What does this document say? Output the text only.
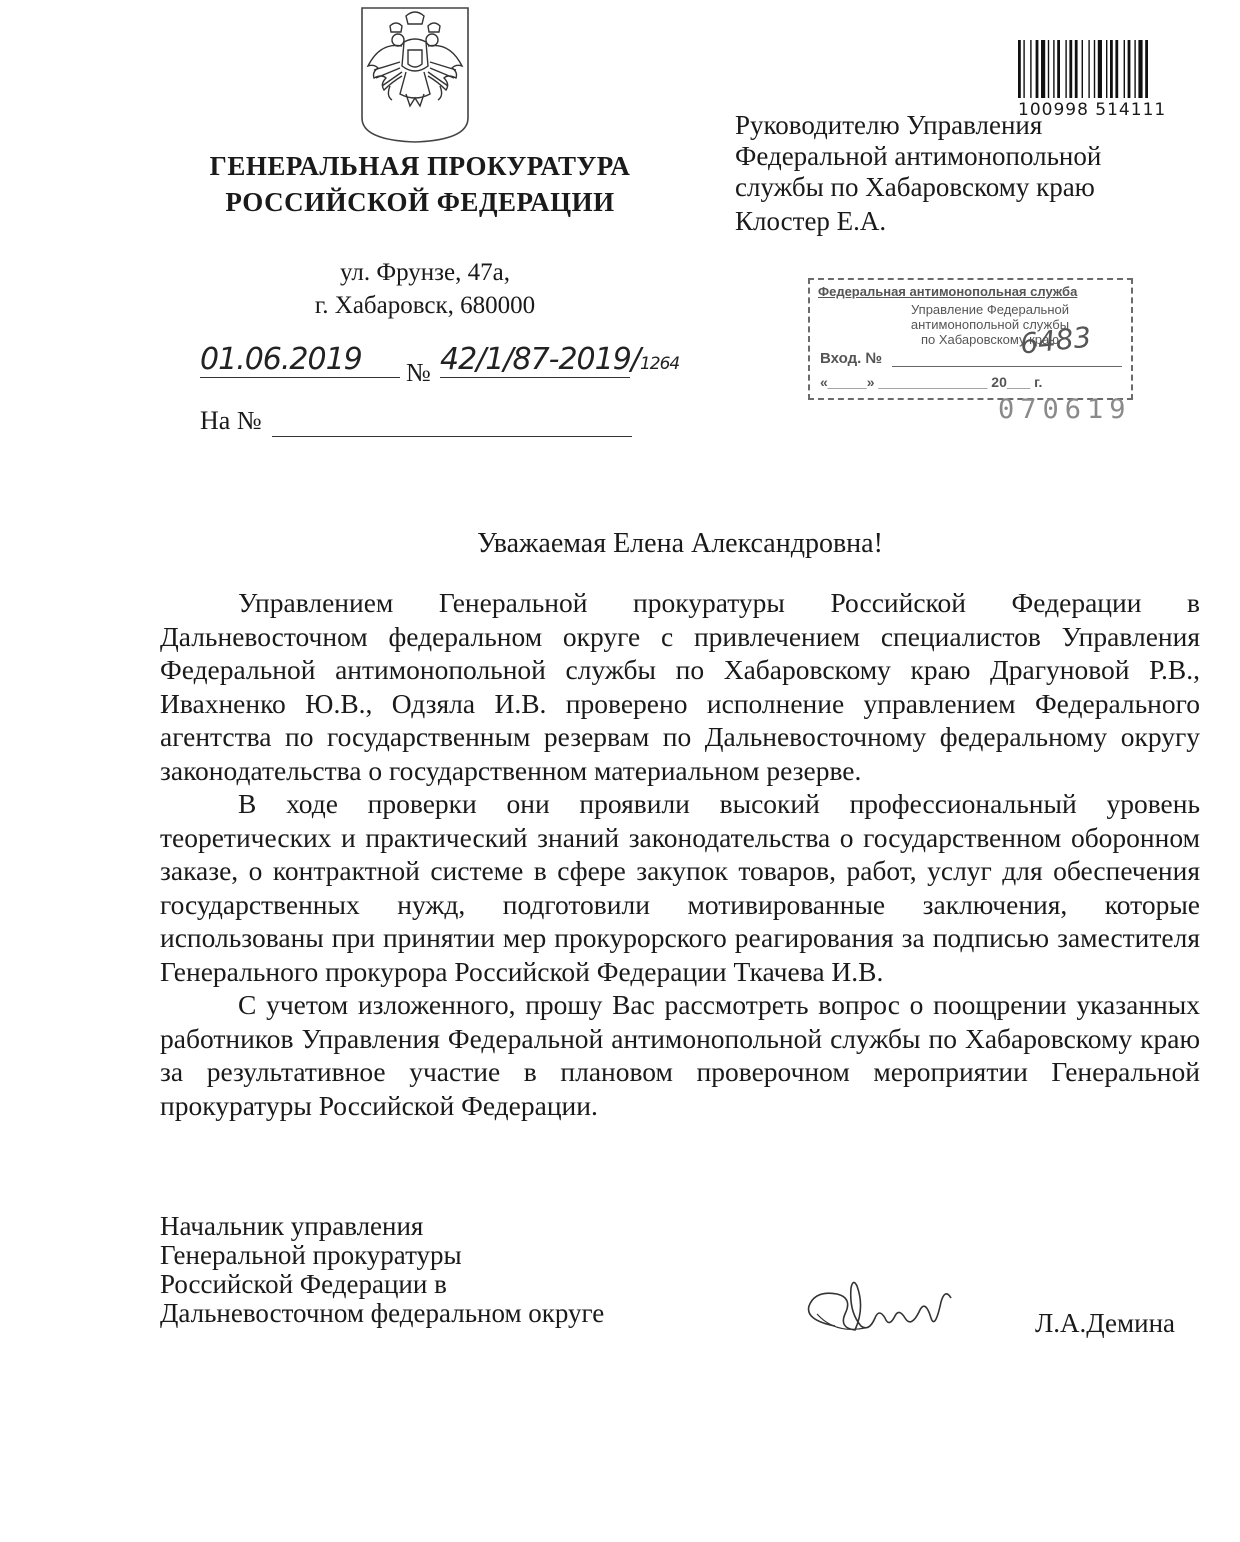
ГЕНЕРАЛЬНАЯ ПРОКУРАТУРА
РОССИЙСКОЙ ФЕДЕРАЦИИ
ул. Фрунзе, 47а,
г. Хабаровск, 680000
01.06.2019	№ 42/1/87-2019/1264
На №
100998 514111
Руководителю Управления
Федеральной антимонопольной
службы по Хабаровскому краю
Клостер Е.А.
Федеральная антимонопольная служба
Управление Федеральной
антимонопольной службы
по Хабаровскому краю
Вход. №	6483
«_____» ______________ 20___ г.
070619
Уважаемая Елена Александровна!

Управлением Генеральной прокуратуры Российской Федерации в Дальневосточном федеральном округе с привлечением специалистов Управления Федеральной антимонопольной службы по Хабаровскому краю Драгуновой Р.В., Ивахненко Ю.В., Одзяла И.В. проверено исполнение управлением Федерального агентства по государственным резервам по Дальневосточному федеральному округу законодательства о государственном материальном резерве.

В ходе проверки они проявили высокий профессиональный уровень теоретических и практический знаний законодательства о государственном оборонном заказе, о контрактной системе в сфере закупок товаров, работ, услуг для обеспечения государственных нужд, подготовили мотивированные заключения, которые использованы при принятии мер прокурорского реагирования за подписью заместителя Генерального прокурора Российской Федерации Ткачева И.В.

С учетом изложенного, прошу Вас рассмотреть вопрос о поощрении указанных работников Управления Федеральной антимонопольной службы по Хабаровскому краю за результативное участие в плановом проверочном мероприятии Генеральной прокуратуры Российской Федерации.

Начальник управления
Генеральной прокуратуры
Российской Федерации в
Дальневосточном федеральном округе	Л.А.Демина
